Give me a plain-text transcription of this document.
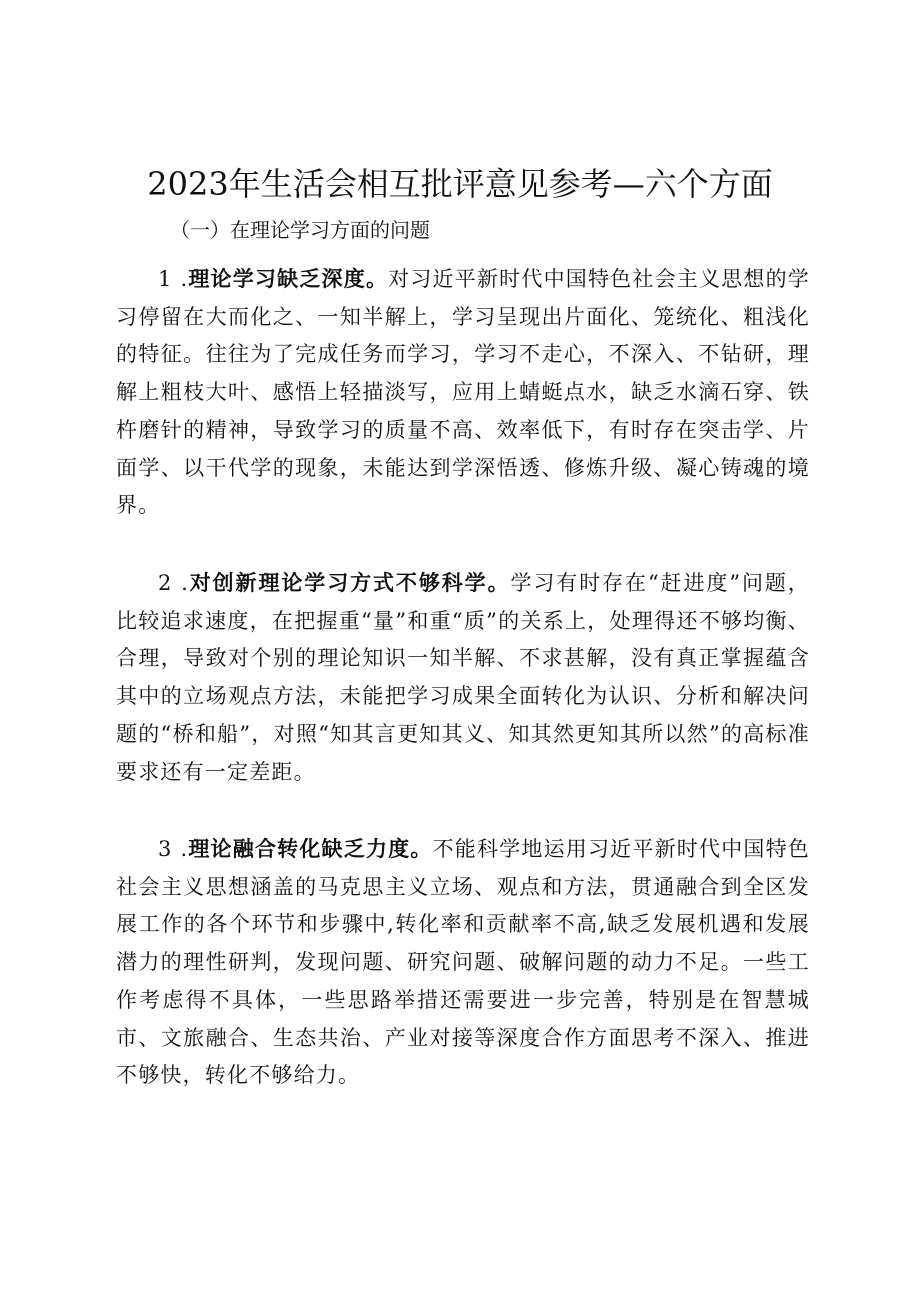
2023年生活会相互批评意见参考—六个方面
（一）在理论学习方面的问题

1 .理论学习缺乏深度。对习近平新时代中国特色社会主义思想的学习停留在大而化之、一知半解上，学习呈现出片面化、笼统化、粗浅化的特征。往往为了完成任务而学习，学习不走心，不深入、不钻研，理解上粗枝大叶、感悟上轻描淡写，应用上蜻蜓点水，缺乏水滴石穿、铁杵磨针的精神，导致学习的质量不高、效率低下，有时存在突击学、片面学、以干代学的现象，未能达到学深悟透、修炼升级、凝心铸魂的境界。

2 .对创新理论学习方式不够科学。学习有时存在“赶进度”问题，比较追求速度，在把握重“量”和重“质”的关系上，处理得还不够均衡、合理，导致对个别的理论知识一知半解、不求甚解，没有真正掌握蕴含其中的立场观点方法，未能把学习成果全面转化为认识、分析和解决问题的“桥和船”，对照“知其言更知其义、知其然更知其所以然”的高标准要求还有一定差距。

3 .理论融合转化缺乏力度。不能科学地运用习近平新时代中国特色社会主义思想涵盖的马克思主义立场、观点和方法，贯通融合到全区发展工作的各个环节和步骤中,转化率和贡献率不高,缺乏发展机遇和发展潜力的理性研判，发现问题、研究问题、破解问题的动力不足。一些工作考虑得不具体，一些思路举措还需要进一步完善，特别是在智慧城市、文旅融合、生态共治、产业对接等深度合作方面思考不深入、推进不够快，转化不够给力。
